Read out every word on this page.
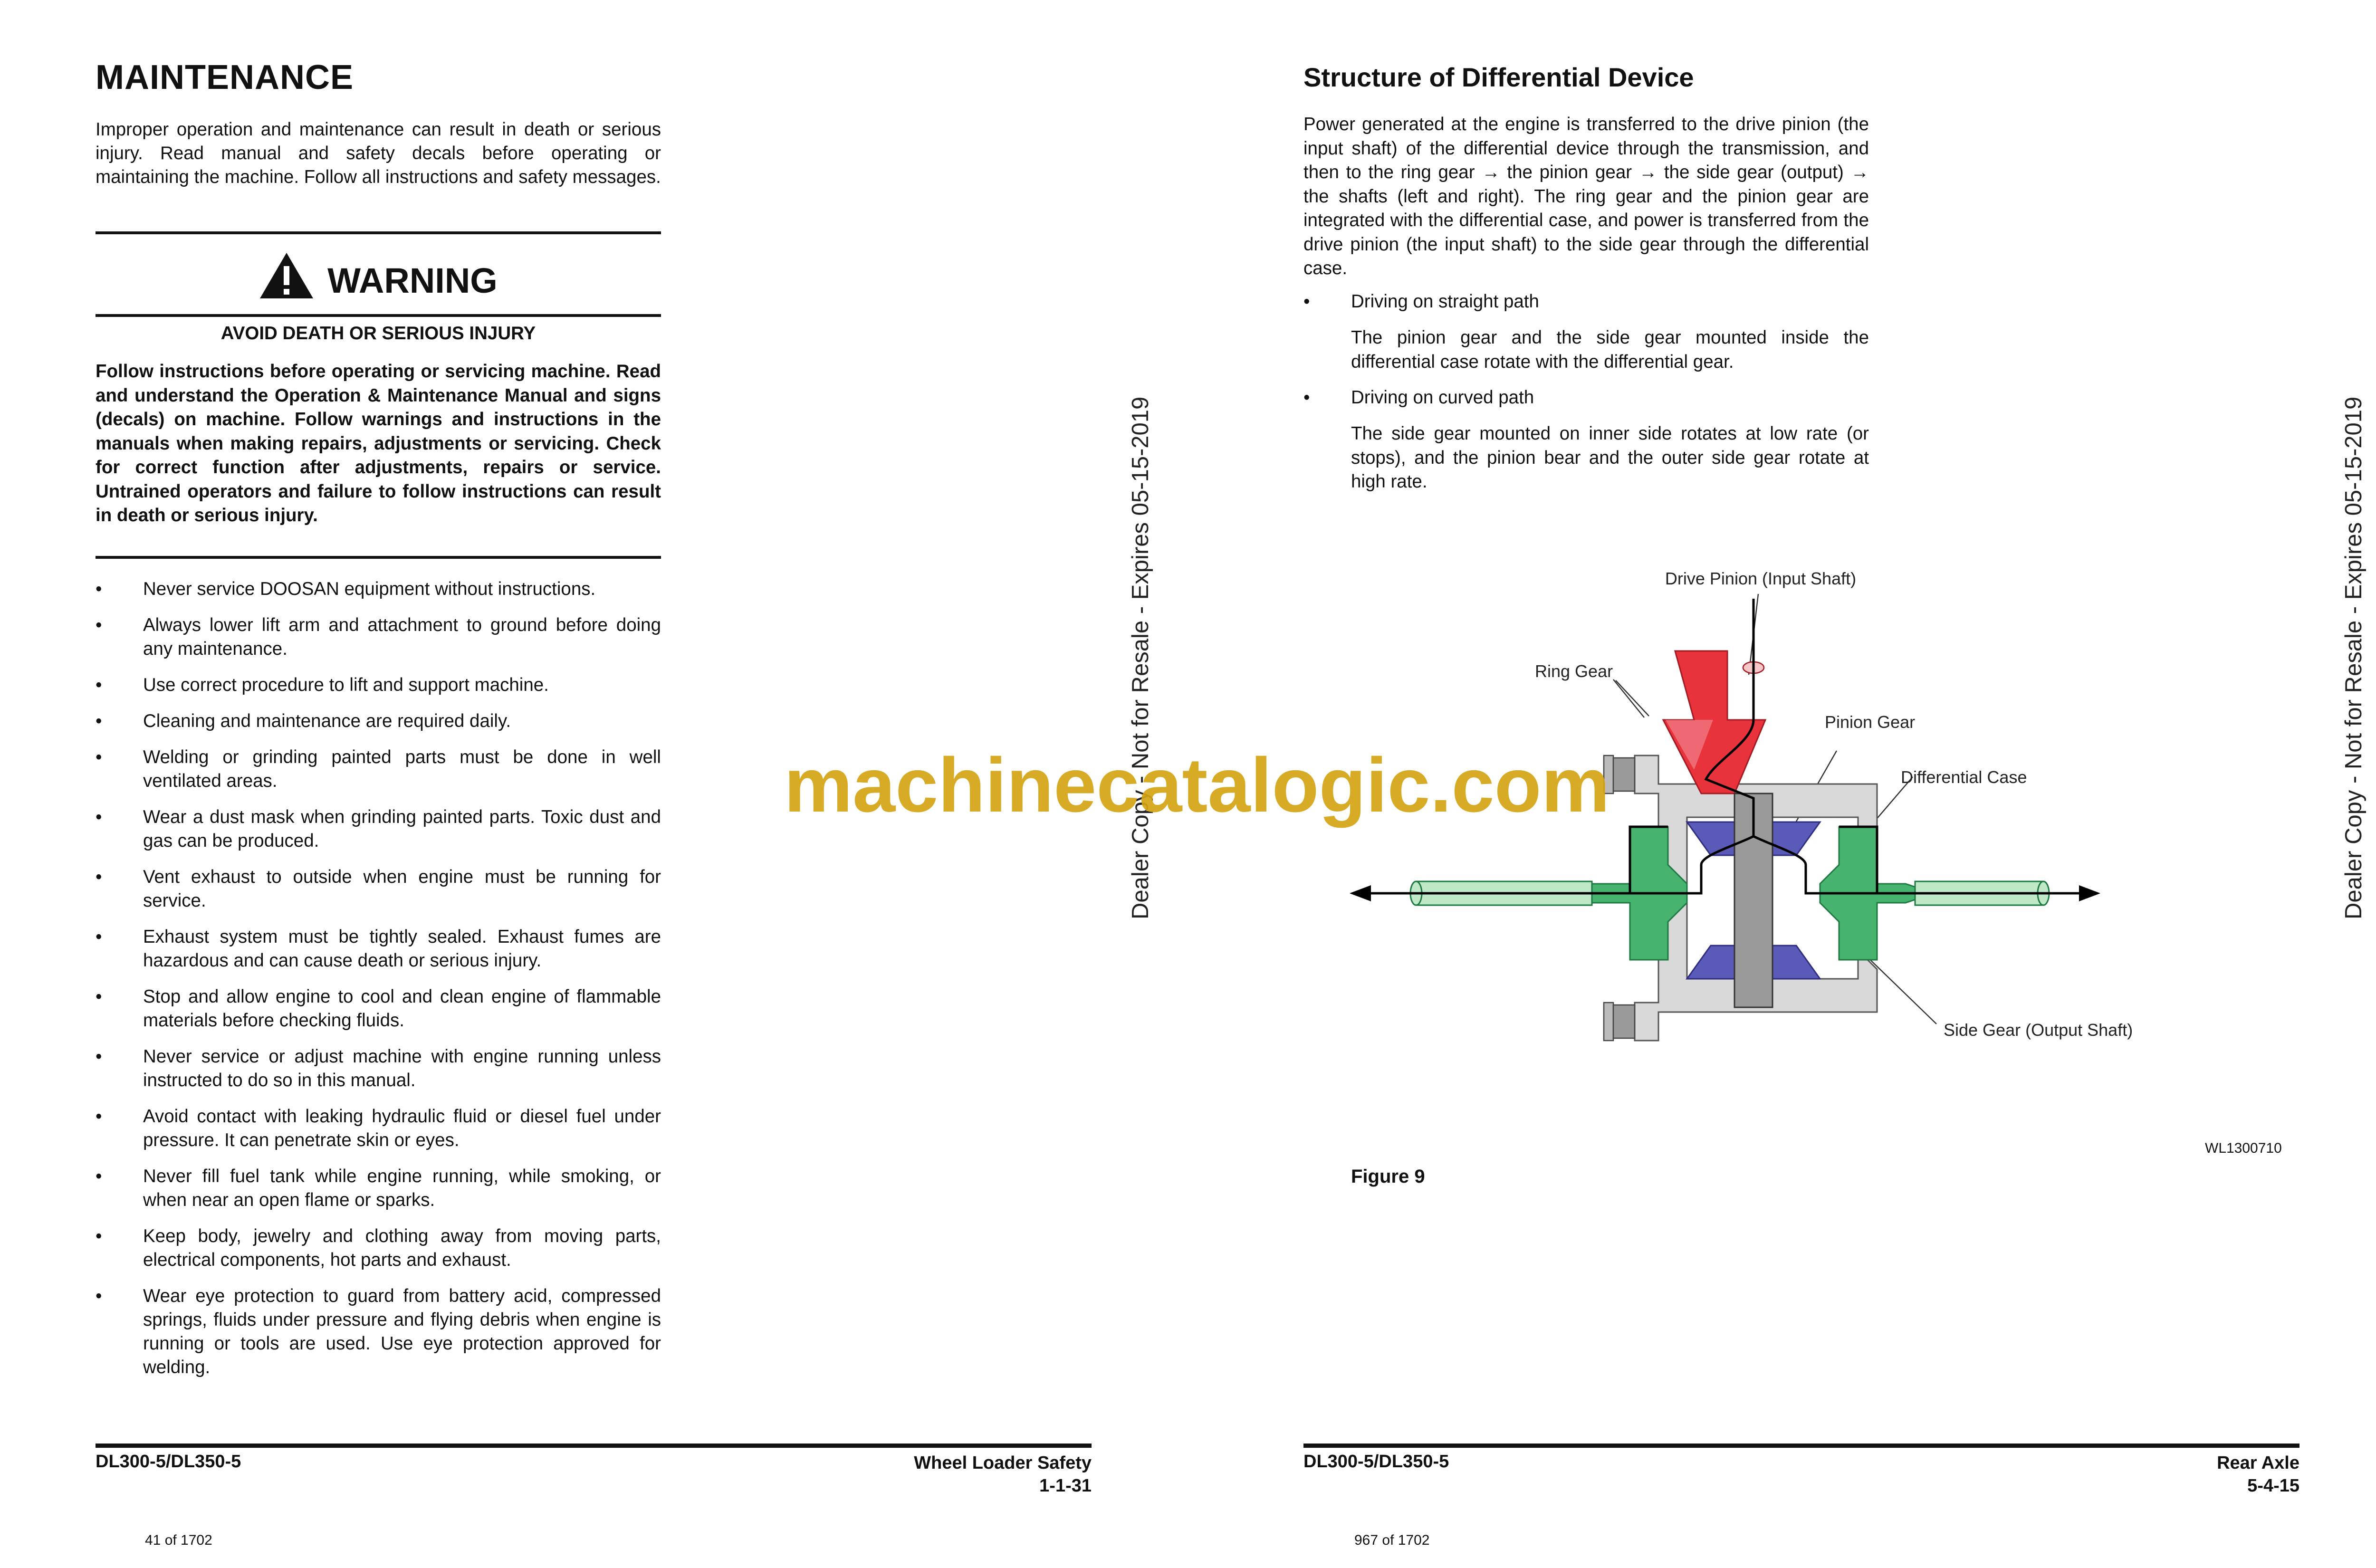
MAINTENANCE

Improper operation and maintenance can result in death or serious injury. Read manual and safety decals before operating or maintaining the machine. Follow all instructions and safety messages.

WARNING
AVOID DEATH OR SERIOUS INJURY

Follow instructions before operating or servicing machine. Read and understand the Operation & Maintenance Manual and signs (decals) on machine. Follow warnings and instructions in the manuals when making repairs, adjustments or servicing. Check for correct function after adjustments, repairs or service. Untrained operators and failure to follow instructions can result in death or serious injury.

• Never service DOOSAN equipment without instructions.
• Always lower lift arm and attachment to ground before doing any maintenance.
• Use correct procedure to lift and support machine.
• Cleaning and maintenance are required daily.
• Welding or grinding painted parts must be done in well ventilated areas.
• Wear a dust mask when grinding painted parts. Toxic dust and gas can be produced.
• Vent exhaust to outside when engine must be running for service.
• Exhaust system must be tightly sealed. Exhaust fumes are hazardous and can cause death or serious injury.
• Stop and allow engine to cool and clean engine of flammable materials before checking fluids.
• Never service or adjust machine with engine running unless instructed to do so in this manual.
• Avoid contact with leaking hydraulic fluid or diesel fuel under pressure. It can penetrate skin or eyes.
• Never fill fuel tank while engine running, while smoking, or when near an open flame or sparks.
• Keep body, jewelry and clothing away from moving parts, electrical components, hot parts and exhaust.
• Wear eye protection to guard from battery acid, compressed springs, fluids under pressure and flying debris when engine is running or tools are used. Use eye protection approved for welding.
DL300-5/DL350-5	Wheel Loader Safety
1-1-31
41 of 1702
Structure of Differential Device

Power generated at the engine is transferred to the drive pinion (the input shaft) of the differential device through the transmission, and then to the ring gear → the pinion gear → the side gear (output) → the shafts (left and right). The ring gear and the pinion gear are integrated with the differential case, and power is transferred from the drive pinion (the input shaft) to the side gear through the differential case.

• Driving on straight path

The pinion gear and the side gear mounted inside the differential case rotate with the differential gear.

• Driving on curved path

The side gear mounted on inner side rotates at low rate (or stops), and the pinion bear and the outer side gear rotate at high rate.

Drive Pinion (Input Shaft)
Ring Gear
Pinion Gear
Differential Case
Side Gear (Output Shaft)
WL1300710
Figure 9
DL300-5/DL350-5	Rear Axle
5-4-15
967 of 1702
Dealer Copy - Not for Resale - Expires 05-15-2019	Dealer Copy - Not for Resale - Expires 05-15-2019
machinecatalogic.com
